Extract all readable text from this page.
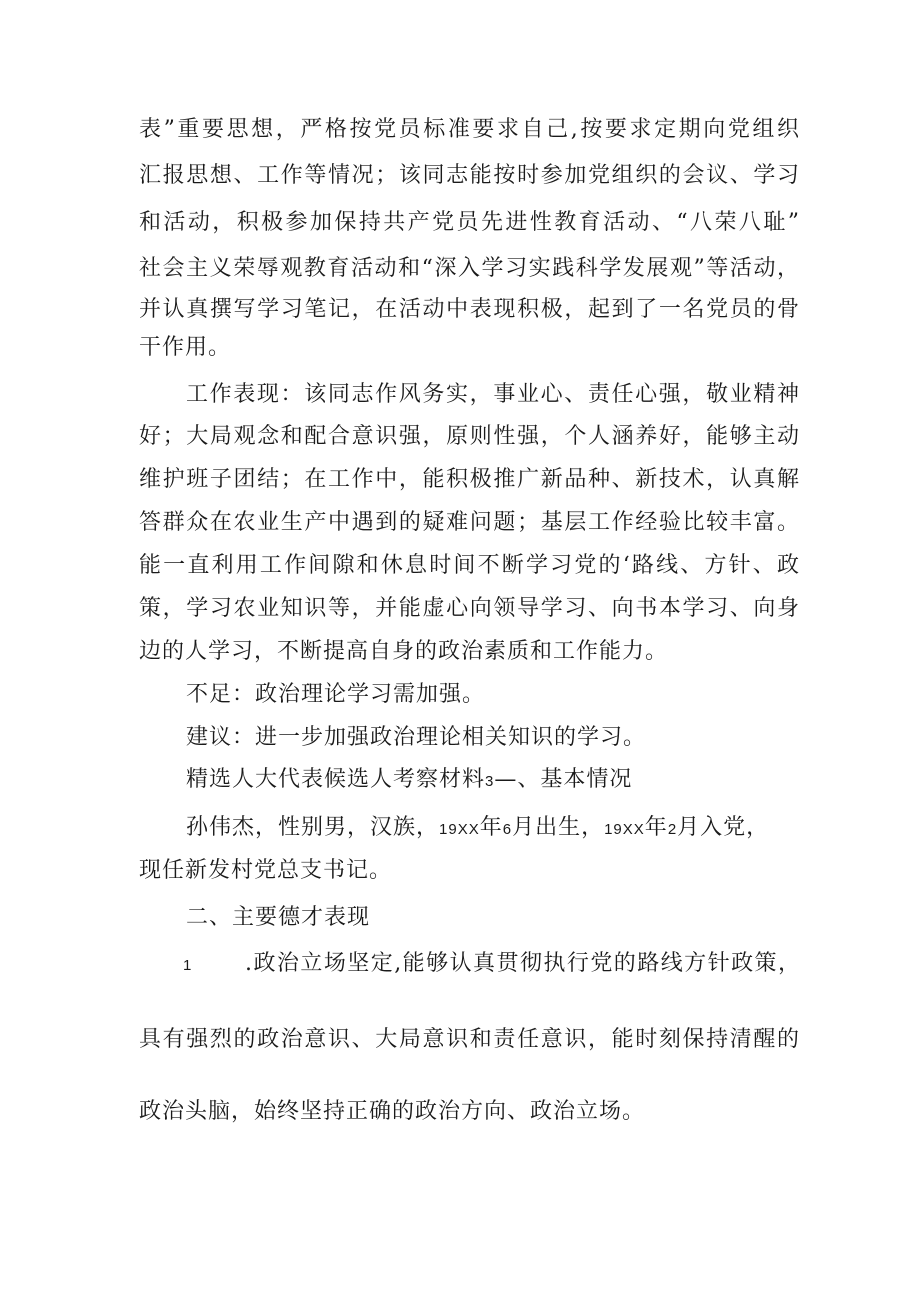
表”重要思想，严格按党员标准要求自己,按要求定期向党组织
汇报思想、工作等情况；该同志能按时参加党组织的会议、学习
和活动，积极参加保持共产党员先进性教育活动、“八荣八耻”
社会主义荣辱观教育活动和“深入学习实践科学发展观”等活动，
并认真撰写学习笔记，在活动中表现积极，起到了一名党员的骨
干作用。
工作表现：该同志作风务实，事业心、责任心强，敬业精神
好；大局观念和配合意识强，原则性强，个人涵养好，能够主动
维护班子团结；在工作中，能积极推广新品种、新技术，认真解
答群众在农业生产中遇到的疑难问题；基层工作经验比较丰富。
能一直利用工作间隙和休息时间不断学习党的‘路线、方针、政
策，学习农业知识等，并能虚心向领导学习、向书本学习、向身
边的人学习，不断提高自身的政治素质和工作能力。
不足：政治理论学习需加强。
建议：进一步加强政治理论相关知识的学习。
精选人大代表候选人考察材料3—、基本情况
孙伟杰，性别男，汉族，19XX年6月出生，19XX年2月入党，
现任新发村党总支书记。
二、主要德才表现
1 .政治立场坚定,能够认真贯彻执行党的路线方针政策，
具有强烈的政治意识、大局意识和责任意识，能时刻保持清醒的
政治头脑，始终坚持正确的政治方向、政治立场。
